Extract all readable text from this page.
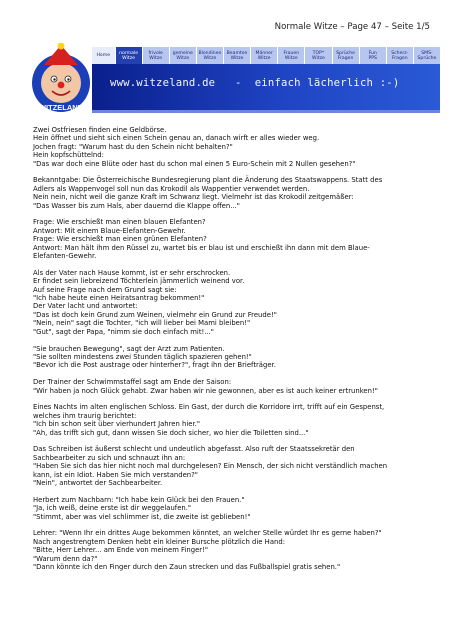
Normale Witze – Page 47 – Seite 1/5
WITZELAND
Home	normale
Witze
frivole
Witze
gemeine
Witze
Blondinen
Witze
Beamten
Witze
Männer
Witze
Frauen
Witze
TOP*
Witze
Sprüche
Fragen
Fun
PPS
Scherz-
Fragen
SMS-
Sprüche
www.witzeland.de   -  einfach lächerlich :-)

Zwei Ostfriesen finden eine Geldbörse.
Hein öffnet und sieht sich einen Schein genau an, danach wirft er alles wieder weg.
Jochen fragt: "Warum hast du den Schein nicht behalten?"
Hein kopfschüttelnd:
"Das war doch eine Blüte oder hast du schon mal einen 5 Euro-Schein mit 2 Nullen gesehen?"

Bekanntgabe: Die Österreichische Bundesregierung plant die Änderung des Staatswappens. Statt des
Adlers als Wappenvogel soll nun das Krokodil als Wappentier verwendet werden.
Nein nein, nicht weil die ganze Kraft im Schwanz liegt. Vielmehr ist das Krokodil zeitgemäßer:
"Das Wasser bis zum Hals, aber dauernd die Klappe offen..."

Frage: Wie erschießt man einen blauen Elefanten?
Antwort: Mit einem Blaue-Elefanten-Gewehr.
Frage: Wie erschießt man einen grünen Elefanten?
Antwort: Man hält ihm den Rüssel zu, wartet bis er blau ist und erschießt ihn dann mit dem Blaue-
Elefanten-Gewehr.

Als der Vater nach Hause kommt, ist er sehr erschrocken.
Er findet sein liebreizend Töchterlein jämmerlich weinend vor.
Auf seine Frage nach dem Grund sagt sie:
"Ich habe heute einen Heiratsantrag bekommen!"
Der Vater lacht und antwortet:
"Das ist doch kein Grund zum Weinen, vielmehr ein Grund zur Freude!"
"Nein, nein" sagt die Tochter, "ich will lieber bei Mami bleiben!"
"Gut", sagt der Papa, "nimm sie doch einfach mit!..."

"Sie brauchen Bewegung", sagt der Arzt zum Patienten.
"Sie sollten mindestens zwei Stunden täglich spazieren gehen!"
"Bevor ich die Post austrage oder hinterher?", fragt ihn der Briefträger.

Der Trainer der Schwimmstaffel sagt am Ende der Saison:
"Wir haben ja noch Glück gehabt. Zwar haben wir nie gewonnen, aber es ist auch keiner ertrunken!"

Eines Nachts im alten englischen Schloss. Ein Gast, der durch die Korridore irrt, trifft auf ein Gespenst,
welches ihm traurig berichtet:
"Ich bin schon seit über vierhundert Jahren hier."
"Ah, das trifft sich gut, dann wissen Sie doch sicher, wo hier die Toiletten sind..."

Das Schreiben ist äußerst schlecht und undeutlich abgefasst. Also ruft der Staatssekretär den
Sachbearbeiter zu sich und schnauzt ihn an:
"Haben Sie sich das hier nicht noch mal durchgelesen? Ein Mensch, der sich nicht verständlich machen
kann, ist ein Idiot. Haben Sie mich verstanden?"
"Nein", antwortet der Sachbearbeiter.

Herbert zum Nachbarn: "Ich habe kein Glück bei den Frauen."
"Ja, ich weiß, deine erste ist dir weggelaufen."
"Stimmt, aber was viel schlimmer ist, die zweite ist geblieben!"

Lehrer: "Wenn Ihr ein drittes Auge bekommen könntet, an welcher Stelle würdet Ihr es gerne haben?"
Nach angestrengtem Denken hebt ein kleiner Bursche plötzlich die Hand:
"Bitte, Herr Lehrer... am Ende von meinem Finger!"
"Warum denn da?"
"Dann könnte ich den Finger durch den Zaun strecken und das Fußballspiel gratis sehen."
